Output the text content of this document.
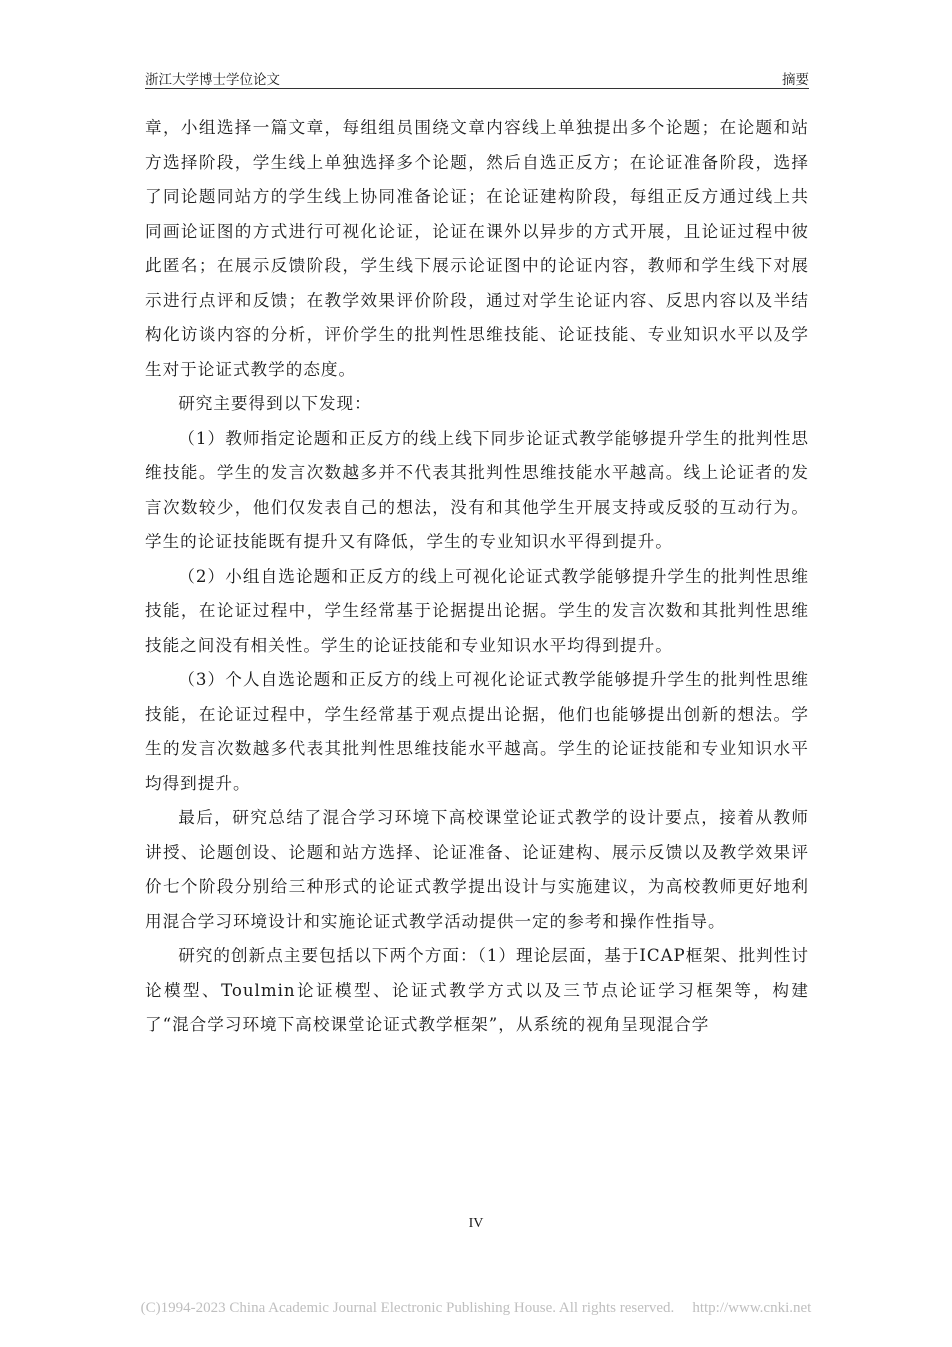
浙江大学博士学位论文	摘要

章，小组选择一篇文章，每组组员围绕文章内容线上单独提出多个论题；在论题和站方选择阶段，学生线上单独选择多个论题，然后自选正反方；在论证准备阶段，选择了同论题同站方的学生线上协同准备论证；在论证建构阶段，每组正反方通过线上共同画论证图的方式进行可视化论证，论证在课外以异步的方式开展，且论证过程中彼此匿名；在展示反馈阶段，学生线下展示论证图中的论证内容，教师和学生线下对展示进行点评和反馈；在教学效果评价阶段，通过对学生论证内容、反思内容以及半结构化访谈内容的分析，评价学生的批判性思维技能、论证技能、专业知识水平以及学生对于论证式教学的态度。

研究主要得到以下发现：

（1）教师指定论题和正反方的线上线下同步论证式教学能够提升学生的批判性思维技能。学生的发言次数越多并不代表其批判性思维技能水平越高。线上论证者的发言次数较少，他们仅发表自己的想法，没有和其他学生开展支持或反驳的互动行为。学生的论证技能既有提升又有降低，学生的专业知识水平得到提升。

（2）小组自选论题和正反方的线上可视化论证式教学能够提升学生的批判性思维技能，在论证过程中，学生经常基于论据提出论据。学生的发言次数和其批判性思维技能之间没有相关性。学生的论证技能和专业知识水平均得到提升。

（3）个人自选论题和正反方的线上可视化论证式教学能够提升学生的批判性思维技能，在论证过程中，学生经常基于观点提出论据，他们也能够提出创新的想法。学生的发言次数越多代表其批判性思维技能水平越高。学生的论证技能和专业知识水平均得到提升。

最后，研究总结了混合学习环境下高校课堂论证式教学的设计要点，接着从教师讲授、论题创设、论题和站方选择、论证准备、论证建构、展示反馈以及教学效果评价七个阶段分别给三种形式的论证式教学提出设计与实施建议，为高校教师更好地利用混合学习环境设计和实施论证式教学活动提供一定的参考和操作性指导。

研究的创新点主要包括以下两个方面：（1）理论层面，基于ICAP框架、批判性讨论模型、Toulmin论证模型、论证式教学方式以及三节点论证学习框架等，构建了“混合学习环境下高校课堂论证式教学框架”，从系统的视角呈现混合学

IV
(C)1994-2023 China Academic Journal Electronic Publishing House. All rights reserved. http://www.cnki.net
